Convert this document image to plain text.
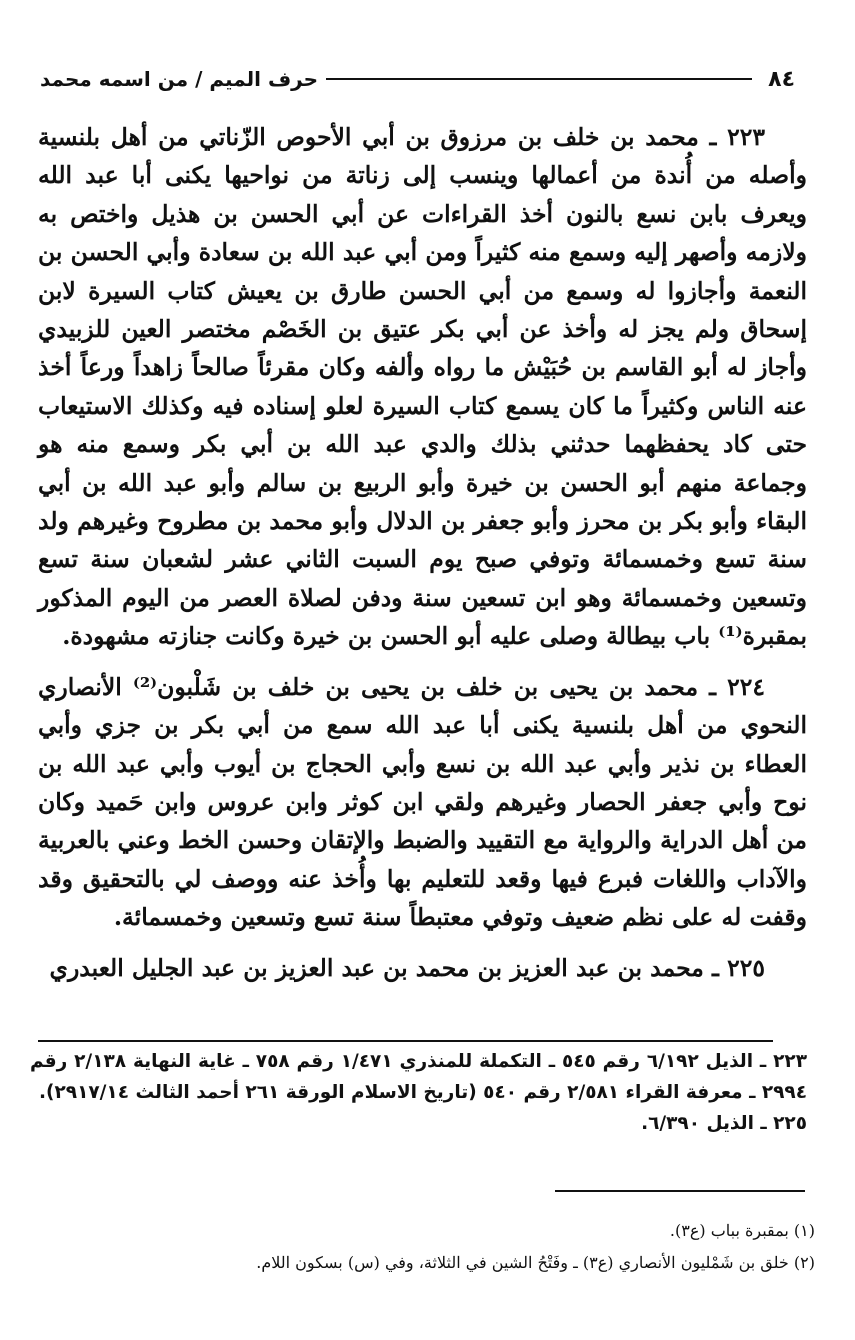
٨٤
حرف الميم / من اسمه محمد

٢٢٣ ـ محمد بن خلف بن مرزوق بن أبي الأحوص الزّناتي من أهل بلنسية وأصله من أُندة من أعمالها وينسب إلى زناتة من نواحيها يكنى أبا عبد الله ويعرف بابن نسع بالنون أخذ القراءات عن أبي الحسن بن هذيل واختص به ولازمه وأصهر إليه وسمع منه كثيراً ومن أبي عبد الله بن سعادة وأبي الحسن بن النعمة وأجازوا له وسمع من أبي الحسن طارق بن يعيش كتاب السيرة لابن إسحاق ولم يجز له وأخذ عن أبي بكر عتيق بن الخَصْم مختصر العين للزبيدي وأجاز له أبو القاسم بن حُبَيْش ما رواه وألفه وكان مقرئاً صالحاً زاهداً ورعاً أخذ عنه الناس وكثيراً ما كان يسمع كتاب السيرة لعلو إسناده فيه وكذلك الاستيعاب حتى كاد يحفظهما حدثني بذلك والدي عبد الله بن أبي بكر وسمع منه هو وجماعة منهم أبو الحسن بن خيرة وأبو الربيع بن سالم وأبو عبد الله بن أبي البقاء وأبو بكر بن محرز وأبو جعفر بن الدلال وأبو محمد بن مطروح وغيرهم ولد سنة تسع وخمسمائة وتوفي صبح يوم السبت الثاني عشر لشعبان سنة تسع وتسعين وخمسمائة وهو ابن تسعين سنة ودفن لصلاة العصر من اليوم المذكور بمقبرة⁽¹⁾ باب بيطالة وصلى عليه أبو الحسن بن خيرة وكانت جنازته مشهودة.

٢٢٤ ـ محمد بن يحيى بن خلف بن يحيى بن خلف بن شَلْبون⁽²⁾ الأنصاري النحوي من أهل بلنسية يكنى أبا عبد الله سمع من أبي بكر بن جزي وأبي العطاء بن نذير وأبي عبد الله بن نسع وأبي الحجاج بن أيوب وأبي عبد الله بن نوح وأبي جعفر الحصار وغيرهم ولقي ابن كوثر وابن عروس وابن حَميد وكان من أهل الدراية والرواية مع التقييد والضبط والإتقان وحسن الخط وعني بالعربية والآداب واللغات فبرع فيها وقعد للتعليم بها وأُخذ عنه ووصف لي بالتحقيق وقد وقفت له على نظم ضعيف وتوفي معتبطاً سنة تسع وتسعين وخمسمائة.

٢٢٥ ـ محمد بن عبد العزيز بن محمد بن عبد العزيز بن عبد الجليل العبدري

٢٢٣ ـ الذيل ٦/١٩٢ رقم ٥٤٥ ـ التكملة للمنذري ١/٤٧١ رقم ٧٥٨ ـ غاية النهاية ٢/١٣٨ رقم ٢٩٩٤ ـ معرفة القراء ٢/٥٨١ رقم ٥٤٠ (تاريخ الاسلام الورقة ٢٦١ أحمد الثالث ٢٩١٧/١٤).
٢٢٥ ـ الذيل ٦/٣٩٠.
(١) بمقبرة بباب (ع٣).
(٢) خلق بن شَمْليون الأنصاري (ع٣) ـ وفَتْحُ الشين في الثلاثة، وفي (س) بسكون اللام.
